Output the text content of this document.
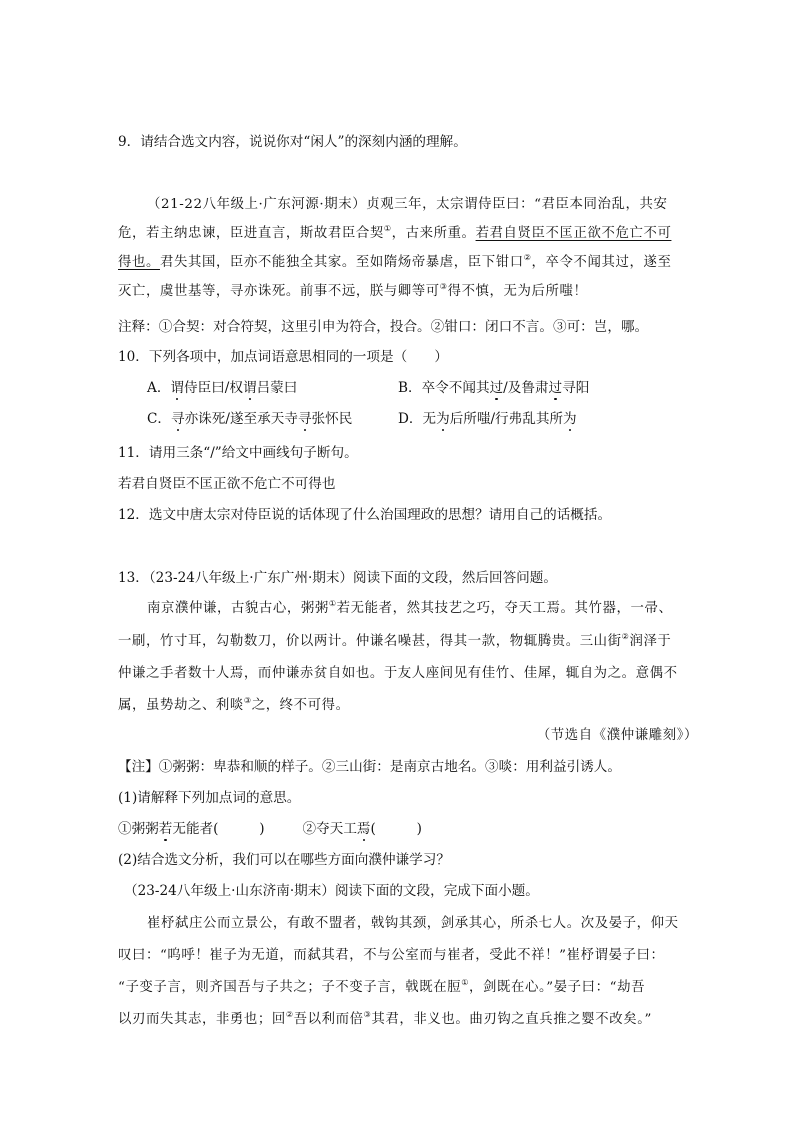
9．请结合选文内容，说说你对“闲人”的深刻内涵的理解。
（21-22八年级上·广东河源·期末）贞观三年，太宗谓侍臣曰：“君臣本同治乱，共安
危，若主纳忠谏，臣进直言，斯故君臣合契①，古来所重。若君自贤臣不匡正欲不危亡不可
得也。君失其国，臣亦不能独全其家。至如隋炀帝暴虐，臣下钳口②，卒令不闻其过，遂至
灭亡，虞世基等，寻亦诛死。前事不远，朕与卿等可③得不慎，无为后所嗤！
注释：①合契：对合符契，这里引申为符合，投合。②钳口：闭口不言。③可：岂，哪。
10．下列各项中，加点词语意思相同的一项是（　　）
A．谓侍臣曰/权谓吕蒙曰	B．卒令不闻其过/及鲁肃过寻阳
C．寻亦诛死/遂至承天寺寻张怀民	D．无为后所嗤/行弗乱其所为
11．请用三条“/”给文中画线句子断句。
若君自贤臣不匡正欲不危亡不可得也
12．选文中唐太宗对侍臣说的话体现了什么治国理政的思想？请用自己的话概括。
13．（23-24八年级上·广东广州·期末）阅读下面的文段，然后回答问题。
南京濮仲谦，古貌古心，粥粥①若无能者，然其技艺之巧，夺天工焉。其竹器，一帚、
一刷，竹寸耳，勾勒数刀，价以两计。仲谦名噪甚，得其一款，物辄腾贵。三山街②润泽于
仲谦之手者数十人焉，而仲谦赤贫自如也。于友人座间见有佳竹、佳犀，辄自为之。意偶不
属，虽势劫之、利啖③之，终不可得。
（节选自《濮仲谦雕刻》）
【注】①粥粥：卑恭和顺的样子。②三山街：是南京古地名。③啖：用利益引诱人。
(1)请解释下列加点词的意思。
①粥粥若无能者(　　　)	②夺天工焉(　　　)
(2)结合选文分析，我们可以在哪些方面向濮仲谦学习？
（23-24八年级上·山东济南·期末）阅读下面的文段，完成下面小题。
崔杼弑庄公而立景公，有敢不盟者，戟钩其颈，剑承其心，所杀七人。次及晏子，仰天
叹曰：“呜呼！崔子为无道，而弑其君，不与公室而与崔者，受此不祥！”崔杼谓晏子曰：
“子变子言，则齐国吾与子共之；子不变子言，戟既在脰①，剑既在心。”晏子曰：“劫吾
以刃而失其志，非勇也；回②吾以利而倍③其君，非义也。曲刃钩之直兵推之婴不改矣。”
